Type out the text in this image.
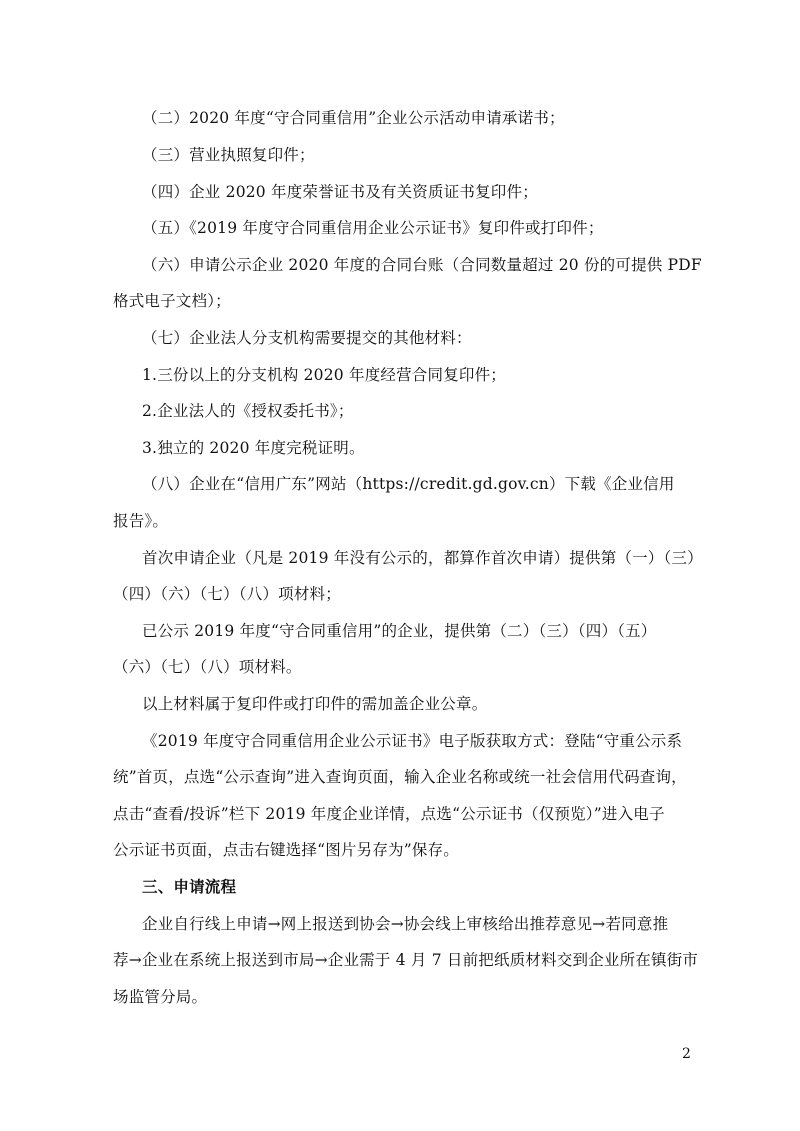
（二）2020 年度“守合同重信用”企业公示活动申请承诺书；
（三）营业执照复印件；
（四）企业 2020 年度荣誉证书及有关资质证书复印件；
（五）《2019 年度守合同重信用企业公示证书》复印件或打印件；
（六）申请公示企业 2020 年度的合同台账（合同数量超过 20 份的可提供 PDF
格式电子文档）；
（七）企业法人分支机构需要提交的其他材料：
1.三份以上的分支机构 2020 年度经营合同复印件；
2.企业法人的《授权委托书》；
3.独立的 2020 年度完税证明。
（八）企业在“信用广东”网站（https://credit.gd.gov.cn）下载《企业信用
报告》。
首次申请企业（凡是 2019 年没有公示的，都算作首次申请）提供第（一）（三）
（四）（六）（七）（八）项材料；
已公示 2019 年度“守合同重信用”的企业，提供第（二）（三）（四）（五）
（六）（七）（八）项材料。
以上材料属于复印件或打印件的需加盖企业公章。
《2019 年度守合同重信用企业公示证书》电子版获取方式：登陆“守重公示系
统”首页，点选“公示查询”进入查询页面，输入企业名称或统一社会信用代码查询，
点击“查看/投诉”栏下 2019 年度企业详情，点选“公示证书（仅预览）”进入电子
公示证书页面，点击右键选择“图片另存为”保存。
三、申请流程
企业自行线上申请→网上报送到协会→协会线上审核给出推荐意见→若同意推
荐→企业在系统上报送到市局→企业需于 4 月 7 日前把纸质材料交到企业所在镇街市
场监管分局。
2
